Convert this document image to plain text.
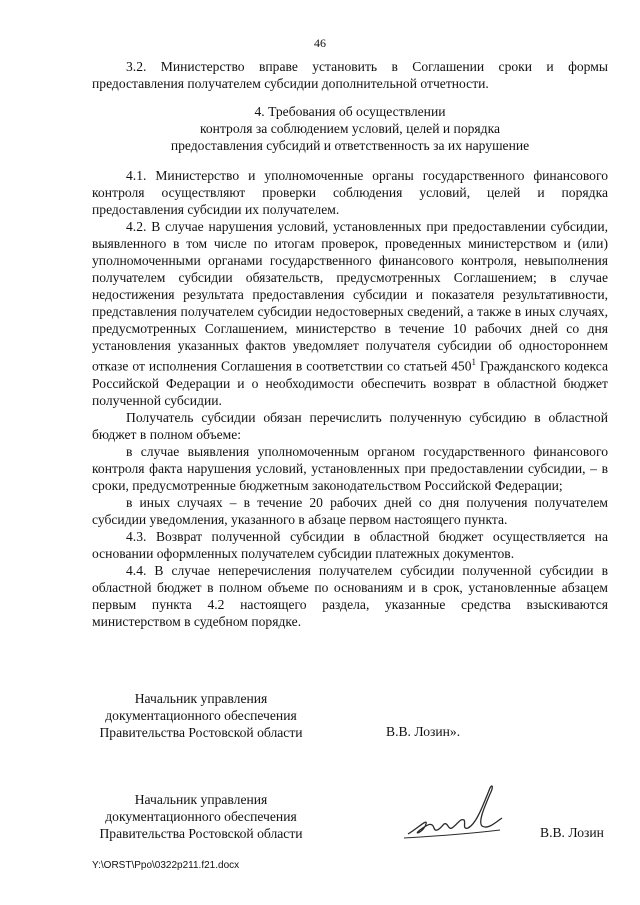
46

3.2. Министерство вправе установить в Соглашении сроки и формы предоставления получателем субсидии дополнительной отчетности.

4. Требования об осуществлении
контроля за соблюдением условий, целей и порядка
предоставления субсидий и ответственность за их нарушение

4.1. Министерство и уполномоченные органы государственного финансового контроля осуществляют проверки соблюдения условий, целей и порядка предоставления субсидии их получателем.

4.2. В случае нарушения условий, установленных при предоставлении субсидии, выявленного в том числе по итогам проверок, проведенных министерством и (или) уполномоченными органами государственного финансового контроля, невыполнения получателем субсидии обязательств, предусмотренных Соглашением; в случае недостижения результата предоставления субсидии и показателя результативности, представления получателем субсидии недостоверных сведений, а также в иных случаях, предусмотренных Соглашением, министерство в течение 10 рабочих дней со дня установления указанных фактов уведомляет получателя субсидии об одностороннем отказе от исполнения Соглашения в соответствии со статьей $450^1$ Гражданского кодекса Российской Федерации и о необходимости обеспечить возврат в областной бюджет полученной субсидии.

Получатель субсидии обязан перечислить полученную субсидию в областной бюджет в полном объеме:

в случае выявления уполномоченным органом государственного финансового контроля факта нарушения условий, установленных при предоставлении субсидии, – в сроки, предусмотренные бюджетным законодательством Российской Федерации;

в иных случаях – в течение 20 рабочих дней со дня получения получателем субсидии уведомления, указанного в абзаце первом настоящего пункта.

4.3. Возврат полученной субсидии в областной бюджет осуществляется на основании оформленных получателем субсидии платежных документов.

4.4. В случае неперечисления получателем субсидии полученной субсидии в областной бюджет в полном объеме по основаниям и в срок, установленные абзацем первым пункта 4.2 настоящего раздела, указанные средства взыскиваются министерством в судебном порядке.

Начальник управления
документационного обеспечения
Правительства Ростовской области	В.В. Лозин».
Начальник управления
документационного обеспечения
Правительства Ростовской области	В.В. Лозин
Y:\ORST\Ppo\0322p211.f21.docx
